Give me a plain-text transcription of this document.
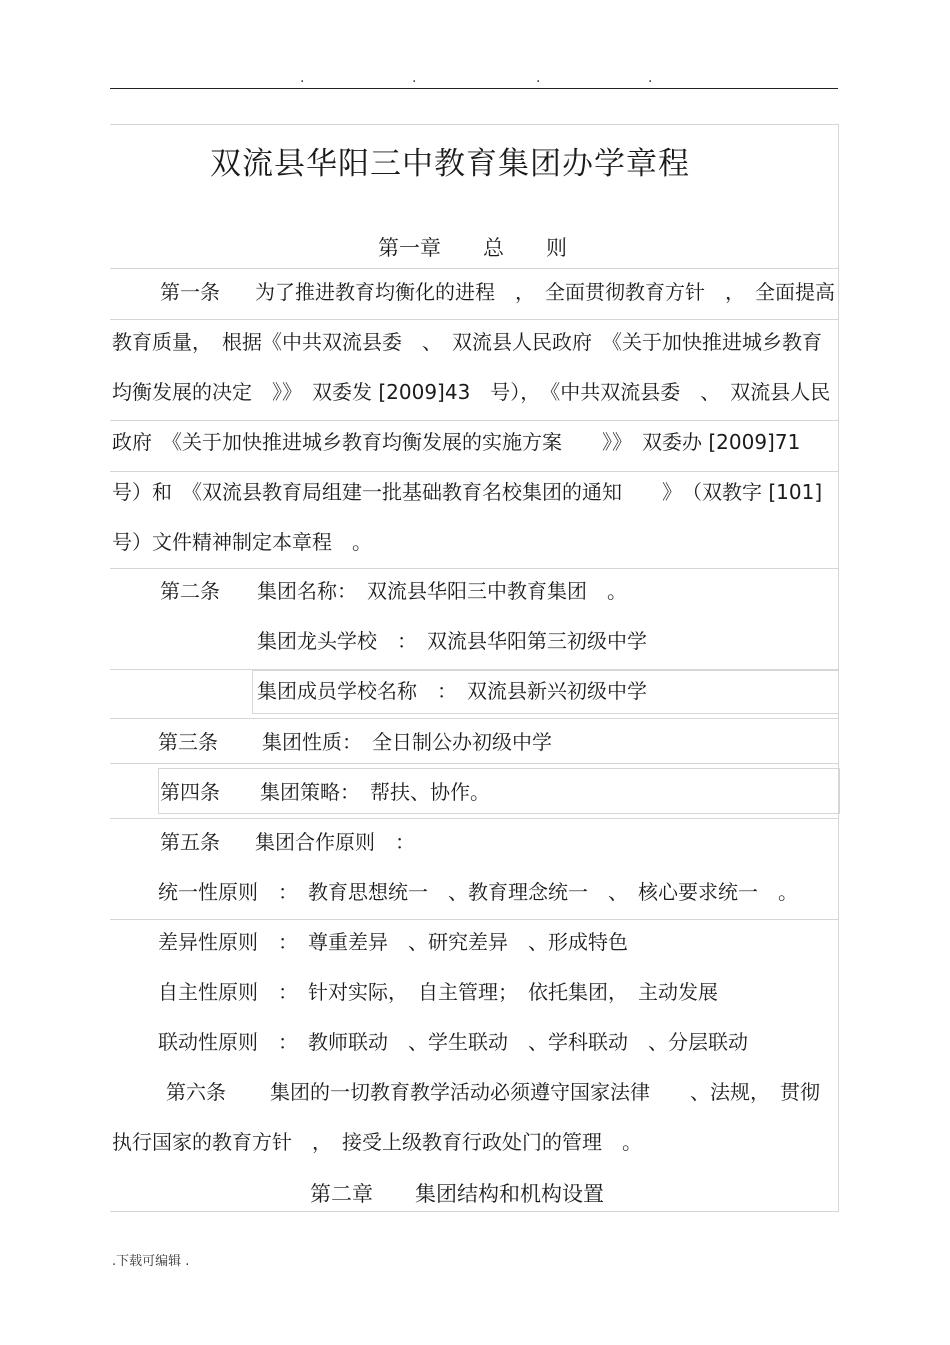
.	.	.	.
双流县华阳三中教育集团办学章程
第一章　　总　　则
第一条 为了推进教育均衡化的进程　，　全面贯彻教育方针　，　全面提高
教育质量，　根据《中共双流县委　、　双流县人民政府　《关于加快推进城乡教育
均衡发展的决定　》》　双委发 [2009]43　号），　《中共双流县委　、　双流县人民
政府　《关于加快推进城乡教育均衡发展的实施方案　　》》　双委办 [2009]71
号）和　《双流县教育局组建一批基础教育名校集团的通知　　》　（双教字 [101]
号）文件精神制定本章程　。
第二条 集团名称：　双流县华阳三中教育集团　。
集团龙头学校　：　双流县华阳第三初级中学
集团成员学校名称　：　双流县新兴初级中学
第三条 集团性质：　全日制公办初级中学
第四条 集团策略：　帮扶、协作。
第五条 集团合作原则　：
统一性原则　：　教育思想统一　、教育理念统一　、　核心要求统一　。
差异性原则　：　尊重差异　、研究差异　、形成特色
自主性原则　：　针对实际，　自主管理；　依托集团，　主动发展
联动性原则　：　教师联动　、学生联动　、学科联动　、分层联动
第六条 集团的一切教育教学活动必须遵守国家法律　　、法规，　贯彻
执行国家的教育方针　，　接受上级教育行政处门的管理　。
第二章　　集团结构和机构设置
.下载可编辑 .
